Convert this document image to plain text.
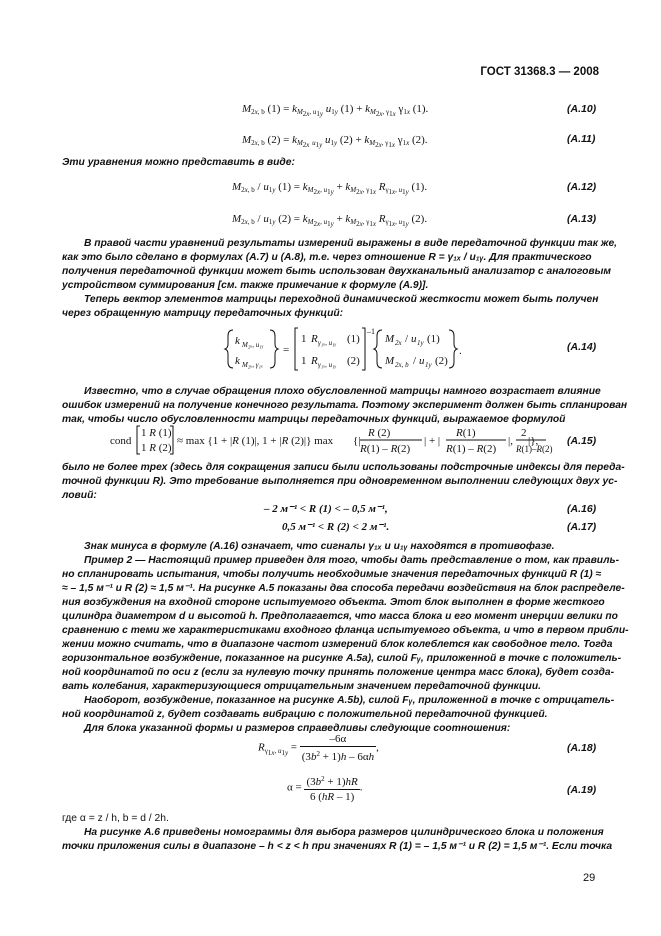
ГОСТ 31368.3 — 2008
$M_{2x, b}$ $(1) = k_{M_{2x}, u_{1y}}$ $u_{1y}$ $(1) + k_{M_{2x}, \gamma_{1x}}$ $\gamma_{1x}$ (1).	(A.10)
$M_{2x, b}$ $(2) = k_{M_{2x}}$ $_{u_{1y}}$ $u_{1y}$ $(2) + k_{M_{2x}, \gamma_{1x}}$ $\gamma_{1x}$ (2).	(A.11)
Эти уравнения можно представить в виде:
$M_{2x, b} / u_{1y}$ $(1) = k_{M_{2x}, u_{1y}} + k_{M_{2x}, \gamma_{1x}}$ $R_{\gamma_{1x}, u_{1y}}$ (1).	(A.12)
$M_{2x, b} / u_{1y}$ $(2) = k_{M_{2x}, u_{1y}} + k_{M_{2x}, \gamma_{1x}}$ $R_{\gamma_{1x}, u_{1y}}$ (2).	(A.13)
В правой части уравнений результаты измерений выражены в виде передаточной функции так же,
как это было сделано в формулах (А.7) и (А.8), т.е. через отношение R = γ₁ₓ / u₁ᵧ. Для практического
получения передаточной функции может быть использован двухканальный анализатор с аналоговым
устройством суммирования [см. также примечание к формуле (А.9)].
Теперь вектор элементов матрицы переходной динамической жесткости может быть получен
через обращенную матрицу передаточных функций:
k M₂ₓ, u₁ᵧ
k M₂ₓ, γ₁ₓ
=
1 R γ₁ₓ, u₁ᵧ (1)
1 R γ₁ₓ, u₁ᵧ (2)
–1
M 2x / u 1y (1)
M 2x, b / u 1y (2)
.	(A.14)
Известно, что в случае обращения плохо обусловленной матрицы намного возрастает влияние
ошибок измерений на получение конечного результата. Поэтому эксперимент должен быть спланирован
так, чтобы число обусловленности матрицы передаточных функций, выражаемое формулой
cond
1 R (1)
1 R (2)
≈ max {1 + |R (1)|, 1 + |R (2)|} max {|
R (2)
R(1) – R(2)
| + |
R(1)
R(1) – R(2)
|,
2
R(1)–R(2)
|},	(A.15)
было не более трех (здесь для сокращения записи были использованы подстрочные индексы для переда-
точной функции R). Это требование выполняется при одновременном выполнении следующих двух ус-
ловий:
– 2 м⁻¹ < R (1) < – 0,5 м⁻¹,	(A.16)
0,5 м⁻¹ < R (2) < 2 м⁻¹.	(A.17)
Знак минуса в формуле (А.16) означает, что сигналы γ₁ₓ и u₁ᵧ находятся в противофазе.
Пример 2 — Настоящий пример приведен для того, чтобы дать представление о том, как правиль-
но спланировать испытания, чтобы получить необходимые значения передаточных функций R (1) ≈
≈ – 1,5 м⁻¹ и R (2) ≈ 1,5 м⁻¹. На рисунке А.5 показаны два способа передачи воздействия на блок распределе-
ния возбуждения на входной стороне испытуемого объекта. Этот блок выполнен в форме жесткого
цилиндра диаметром d и высотой h. Предполагается, что масса блока и его момент инерции велики по
сравнению с теми же характеристиками входного фланца испытуемого объекта, и что в первом прибли-
жении можно считать, что в диапазоне частот измерений блок колеблется как свободное тело. Тогда
горизонтальное возбуждение, показанное на рисунке А.5а), силой Fᵧ, приложенной в точке с положитель-
ной координатой по оси z (если за нулевую точку принять положение центра масс блока), будет созда-
вать колебания, характеризующиеся отрицательным значением передаточной функции.
Наоборот, возбуждение, показанное на рисунке А.5b), силой Fᵧ, приложенной в точке с отрицатель-
ной координатой z, будет создавать вибрацию с положительной передаточной функцией.
Для блока указанной формы и размеров справедливы следующие соотношения:
$R_{\gamma_{1x}, u_{1y}} = \frac{-6\alpha}{(3b^2 + 1)h - 6\alpha h}$ ,	(A.18)
$\alpha = \frac{(3b^2 + 1)hR}{6 (hR - 1)}$ .	(A.19)
где α = z / h, b = d / 2h.
На рисунке А.6 приведены номограммы для выбора размеров цилиндрического блока и положения
точки приложения силы в диапазоне – h < z < h при значениях R (1) = – 1,5 м⁻¹ и R (2) = 1,5 м⁻¹. Если точка
29
